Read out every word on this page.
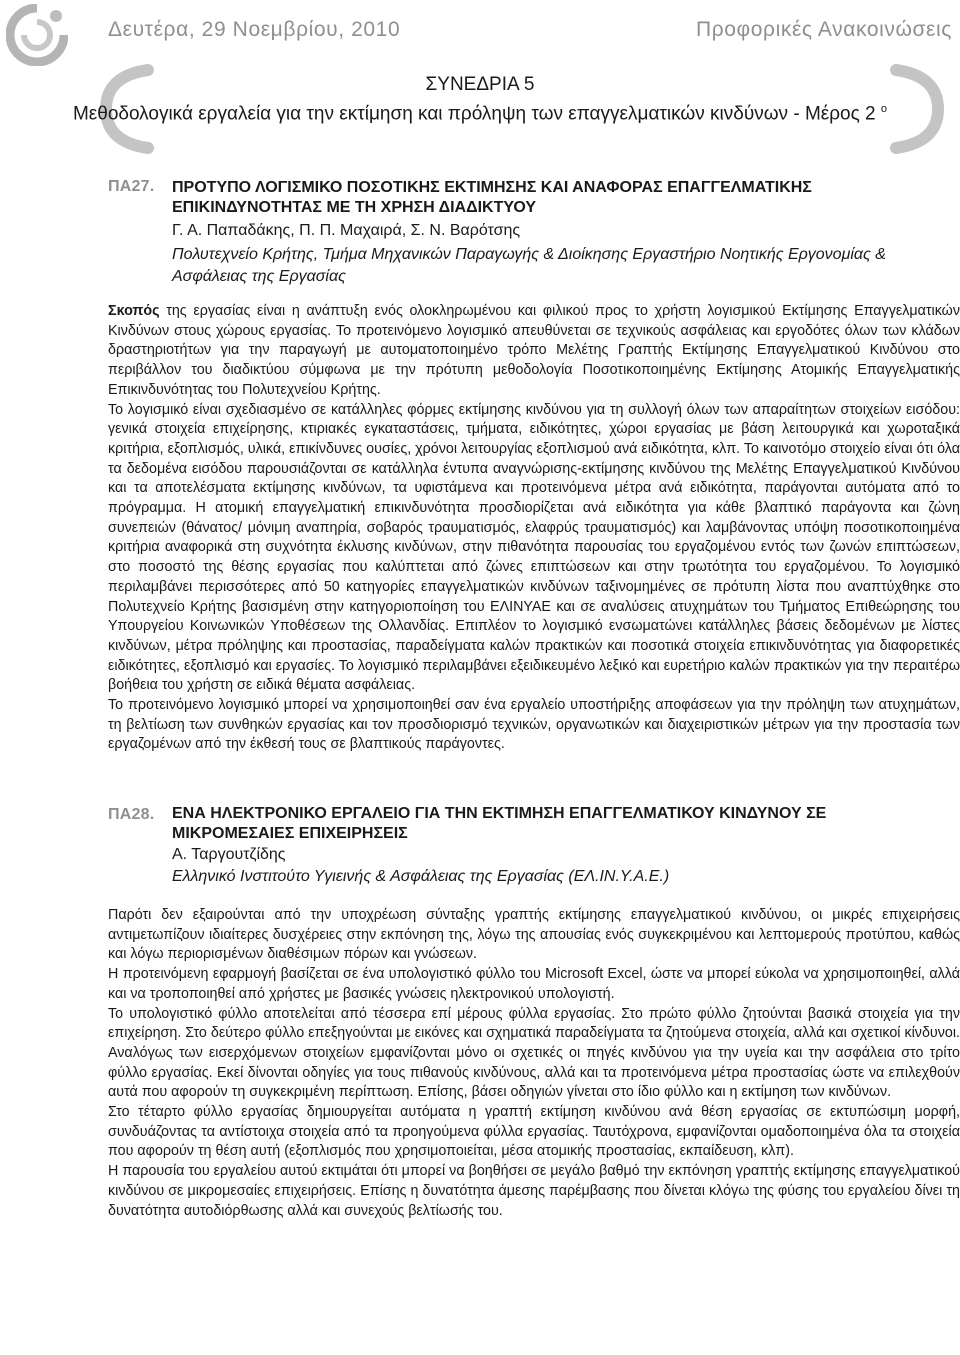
Δευτέρα, 29 Νοεμβρίου, 2010	Προφορικές Ανακοινώσεις
ΣΥΝΕΔΡΙΑ 5
Μεθοδολογικά εργαλεία για την εκτίμηση και πρόληψη των επαγγελματικών κινδύνων - Μέρος 2 $^o$
ΠΑ27. ΠΡΟΤΥΠΟ ΛΟΓΙΣΜΙΚΟ ΠΟΣΟΤΙΚΗΣ ΕΚΤΙΜΗΣΗΣ ΚΑΙ ΑΝΑΦΟΡΑΣ ΕΠΑΓΓΕΛΜΑΤΙΚΗΣ ΕΠΙΚΙΝΔΥΝΟΤΗΤΑΣ ΜΕ ΤΗ ΧΡΗΣΗ ΔΙΑΔΙΚΤΥΟΥ
Γ. Α. Παπαδάκης, Π. Π. Μαχαιρά, Σ. Ν. Βαρότσης
Πολυτεχνείο Κρήτης, Τμήμα Μηχανικών Παραγωγής & Διοίκησης Εργαστήριο Νοητικής Εργονομίας & Ασφάλειας της Εργασίας

Σκοπός της εργασίας είναι η ανάπτυξη ενός ολοκληρωμένου και φιλικού προς το χρήστη λογισμικού Εκτίμησης Επαγγελματικών Κινδύνων στους χώρους εργασίας. Το προτεινόμενο λογισμικό απευθύνεται σε τεχνικούς ασφάλειας και εργοδότες όλων των κλάδων δραστηριοτήτων για την παραγωγή με αυτοματοποιημένο τρόπο Μελέτης Γραπτής Εκτίμησης Επαγγελματικού Κινδύνου στο περιβάλλον του διαδικτύου σύμφωνα με την πρότυπη μεθοδολογία Ποσοτικοποιημένης Εκτίμησης Ατομικής Επαγγελματικής Επικινδυνότητας του Πολυτεχνείου Κρήτης.

Το λογισμικό είναι σχεδιασμένο σε κατάλληλες φόρμες εκτίμησης κινδύνου για τη συλλογή όλων των απαραίτητων στοιχείων εισόδου: γενικά στοιχεία επιχείρησης, κτιριακές εγκαταστάσεις, τμήματα, ειδικότητες, χώροι εργασίας με βάση λειτουργικά και χωροταξικά κριτήρια, εξοπλισμός, υλικά, επικίνδυνες ουσίες, χρόνοι λειτουργίας εξοπλισμού ανά ειδικότητα, κλπ. Το καινοτόμο στοιχείο είναι ότι όλα τα δεδομένα εισόδου παρουσιάζονται σε κατάλληλα έντυπα αναγνώρισης-εκτίμησης κινδύνου της Μελέτης Επαγγελματικού Κινδύνου και τα αποτελέσματα εκτίμησης κινδύνων, τα υφιστάμενα και προτεινόμενα μέτρα ανά ειδικότητα, παράγονται αυτόματα από το πρόγραμμα. Η ατομική επαγγελματική επικινδυνότητα προσδιορίζεται ανά ειδικότητα για κάθε βλαπτικό παράγοντα και ζώνη συνεπειών (θάνατος/ μόνιμη αναπηρία, σοβαρός τραυματισμός, ελαφρύς τραυματισμός) και λαμβάνοντας υπόψη ποσοτικοποιημένα κριτήρια αναφορικά στη συχνότητα έκλυσης κινδύνων, στην πιθανότητα παρουσίας του εργαζομένου εντός των ζωνών επιπτώσεων, στο ποσοστό της θέσης εργασίας που καλύπτεται από ζώνες επιπτώσεων και στην τρωτότητα του εργαζομένου. Το λογισμικό περιλαμβάνει περισσότερες από 50 κατηγορίες επαγγελματικών κινδύνων ταξινομημένες σε πρότυπη λίστα που αναπτύχθηκε στο Πολυτεχνείο Κρήτης βασισμένη στην κατηγοριοποίηση του ΕΛΙΝΥΑΕ και σε αναλύσεις ατυχημάτων του Τμήματος Επιθεώρησης του Υπουργείου Κοινωνικών Υποθέσεων της Ολλανδίας. Επιπλέον το λογισμικό ενσωματώνει κατάλληλες βάσεις δεδομένων με λίστες κινδύνων, μέτρα πρόληψης και προστασίας, παραδείγματα καλών πρακτικών και ποσοτικά στοιχεία επικινδυνότητας για διαφορετικές ειδικότητες, εξοπλισμό και εργασίες. Το λογισμικό περιλαμβάνει εξειδικευμένο λεξικό και ευρετήριο καλών πρακτικών για την περαιτέρω βοήθεια του χρήστη σε ειδικά θέματα ασφάλειας.

Το προτεινόμενο λογισμικό μπορεί να χρησιμοποιηθεί σαν ένα εργαλείο υποστήριξης αποφάσεων για την πρόληψη των ατυχημάτων, τη βελτίωση των συνθηκών εργασίας και τον προσδιορισμό τεχνικών, οργανωτικών και διαχειριστικών μέτρων για την προστασία των εργαζομένων από την έκθεσή τους σε βλαπτικούς παράγοντες.

ΠΑ28. ΕΝΑ ΗΛΕΚΤΡΟΝΙΚΟ ΕΡΓΑΛΕΙΟ ΓΙΑ ΤΗΝ ΕΚΤΙΜΗΣΗ ΕΠΑΓΓΕΛΜΑΤΙΚΟΥ ΚΙΝΔΥΝΟΥ ΣΕ ΜΙΚΡΟΜΕΣΑΙΕΣ ΕΠΙΧΕΙΡΗΣΕΙΣ
Α. Ταργουτζίδης
Ελληνικό Ινστιτούτο Υγιεινής & Ασφάλειας της Εργασίας (ΕΛ.ΙΝ.Υ.Α.Ε.)

Παρότι δεν εξαιρούνται από την υποχρέωση σύνταξης γραπτής εκτίμησης επαγγελματικού κινδύνου, οι μικρές επιχειρήσεις αντιμετωπίζουν ιδιαίτερες δυσχέρειες στην εκπόνηση της, λόγω της απουσίας ενός συγκεκριμένου και λεπτομερούς προτύπου, καθώς και λόγω περιορισμένων διαθέσιμων πόρων και γνώσεων.

Η προτεινόμενη εφαρμογή βασίζεται σε ένα υπολογιστικό φύλλο του Microsoft Excel, ώστε να μπορεί εύκολα να χρησιμοποιηθεί, αλλά και να τροποποιηθεί από χρήστες με βασικές γνώσεις ηλεκτρονικού υπολογιστή.

Το υπολογιστικό φύλλο αποτελείται από τέσσερα επί μέρους φύλλα εργασίας. Στο πρώτο φύλλο ζητούνται βασικά στοιχεία για την επιχείρηση. Στο δεύτερο φύλλο επεξηγούνται με εικόνες και σχηματικά παραδείγματα τα ζητούμενα στοιχεία, αλλά και σχετικοί κίνδυνοι. Αναλόγως των εισερχόμενων στοιχείων εμφανίζονται μόνο οι σχετικές οι πηγές κινδύνου για την υγεία και την ασφάλεια στο τρίτο φύλλο εργασίας. Εκεί δίνονται οδηγίες για τους πιθανούς κινδύνους, αλλά και τα προτεινόμενα μέτρα προστασίας ώστε να επιλεχθούν αυτά που αφορούν τη συγκεκριμένη περίπτωση. Επίσης, βάσει οδηγιών γίνεται στο ίδιο φύλλο και η εκτίμηση των κινδύνων.

Στο τέταρτο φύλλο εργασίας δημιουργείται αυτόματα η γραπτή εκτίμηση κινδύνου ανά θέση εργασίας σε εκτυπώσιμη μορφή, συνδυάζοντας τα αντίστοιχα στοιχεία από τα προηγούμενα φύλλα εργασίας. Ταυτόχρονα, εμφανίζονται ομαδοποιημένα όλα τα στοιχεία που αφορούν τη θέση αυτή (εξοπλισμός που χρησιμοποιείται, μέσα ατομικής προστασίας, εκπαίδευση, κλπ).

Η παρουσία του εργαλείου αυτού εκτιμάται ότι μπορεί να βοηθήσει σε μεγάλο βαθμό την εκπόνηση γραπτής εκτίμησης επαγγελματικού κινδύνου σε μικρομεσαίες επιχειρήσεις. Επίσης η δυνατότητα άμεσης παρέμβασης που δίνεται κλόγω της φύσης του εργαλείου δίνει τη δυνατότητα αυτοδιόρθωσης αλλά και συνεχούς βελτίωσής του.
